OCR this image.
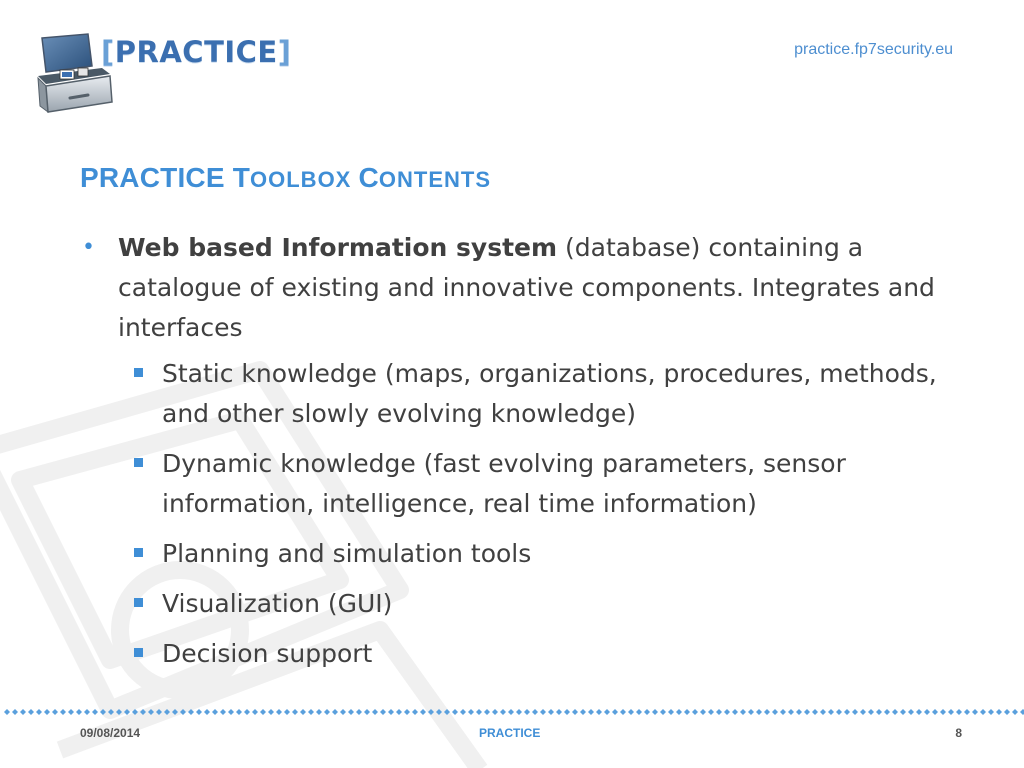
[PRACTICE]	practice.fp7security.eu
PRACTICE TOOLBOX CONTENTS

• Web based Information system (database) containing a catalogue of existing and innovative components. Integrates and interfaces

Static knowledge (maps, organizations, procedures, methods, and other slowly evolving knowledge)
Dynamic knowledge (fast evolving parameters, sensor information, intelligence, real time information)
Planning and simulation tools
Visualization (GUI)
Decision support
09/08/2014	PRACTICE	8
